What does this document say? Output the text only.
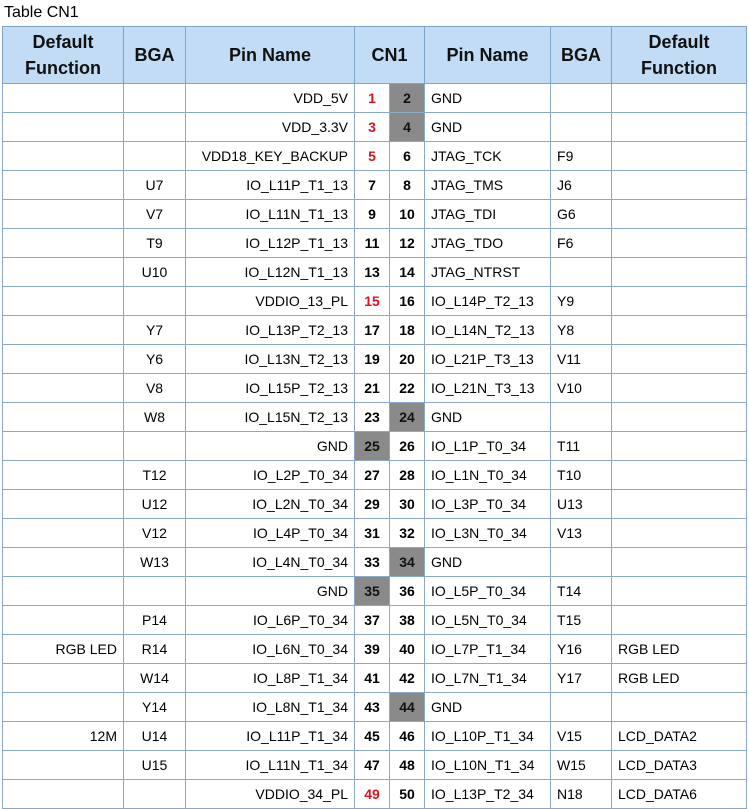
Table CN1
Default Function	BGA	Pin Name	CN1		Pin Name	BGA	Default Function
		VDD_5V	1	2	GND		
		VDD_3.3V	3	4	GND		
		VDD18_KEY_BACKUP	5	6	JTAG_TCK	F9	
	U7	IO_L11P_T1_13	7	8	JTAG_TMS	J6	
	V7	IO_L11N_T1_13	9	10	JTAG_TDI	G6	
	T9	IO_L12P_T1_13	11	12	JTAG_TDO	F6	
	U10	IO_L12N_T1_13	13	14	JTAG_NTRST		
		VDDIO_13_PL	15	16	IO_L14P_T2_13	Y9	
	Y7	IO_L13P_T2_13	17	18	IO_L14N_T2_13	Y8	
	Y6	IO_L13N_T2_13	19	20	IO_L21P_T3_13	V11	
	V8	IO_L15P_T2_13	21	22	IO_L21N_T3_13	V10	
	W8	IO_L15N_T2_13	23	24	GND		
		GND	25	26	IO_L1P_T0_34	T11	
	T12	IO_L2P_T0_34	27	28	IO_L1N_T0_34	T10	
	U12	IO_L2N_T0_34	29	30	IO_L3P_T0_34	U13	
	V12	IO_L4P_T0_34	31	32	IO_L3N_T0_34	V13	
	W13	IO_L4N_T0_34	33	34	GND		
		GND	35	36	IO_L5P_T0_34	T14	
	P14	IO_L6P_T0_34	37	38	IO_L5N_T0_34	T15	
RGB LED	R14	IO_L6N_T0_34	39	40	IO_L7P_T1_34	Y16	RGB LED
	W14	IO_L8P_T1_34	41	42	IO_L7N_T1_34	Y17	RGB LED
	Y14	IO_L8N_T1_34	43	44	GND		
12M	U14	IO_L11P_T1_34	45	46	IO_L10P_T1_34	V15	LCD_DATA2
	U15	IO_L11N_T1_34	47	48	IO_L10N_T1_34	W15	LCD_DATA3
		VDDIO_34_PL	49	50	IO_L13P_T2_34	N18	LCD_DATA6
